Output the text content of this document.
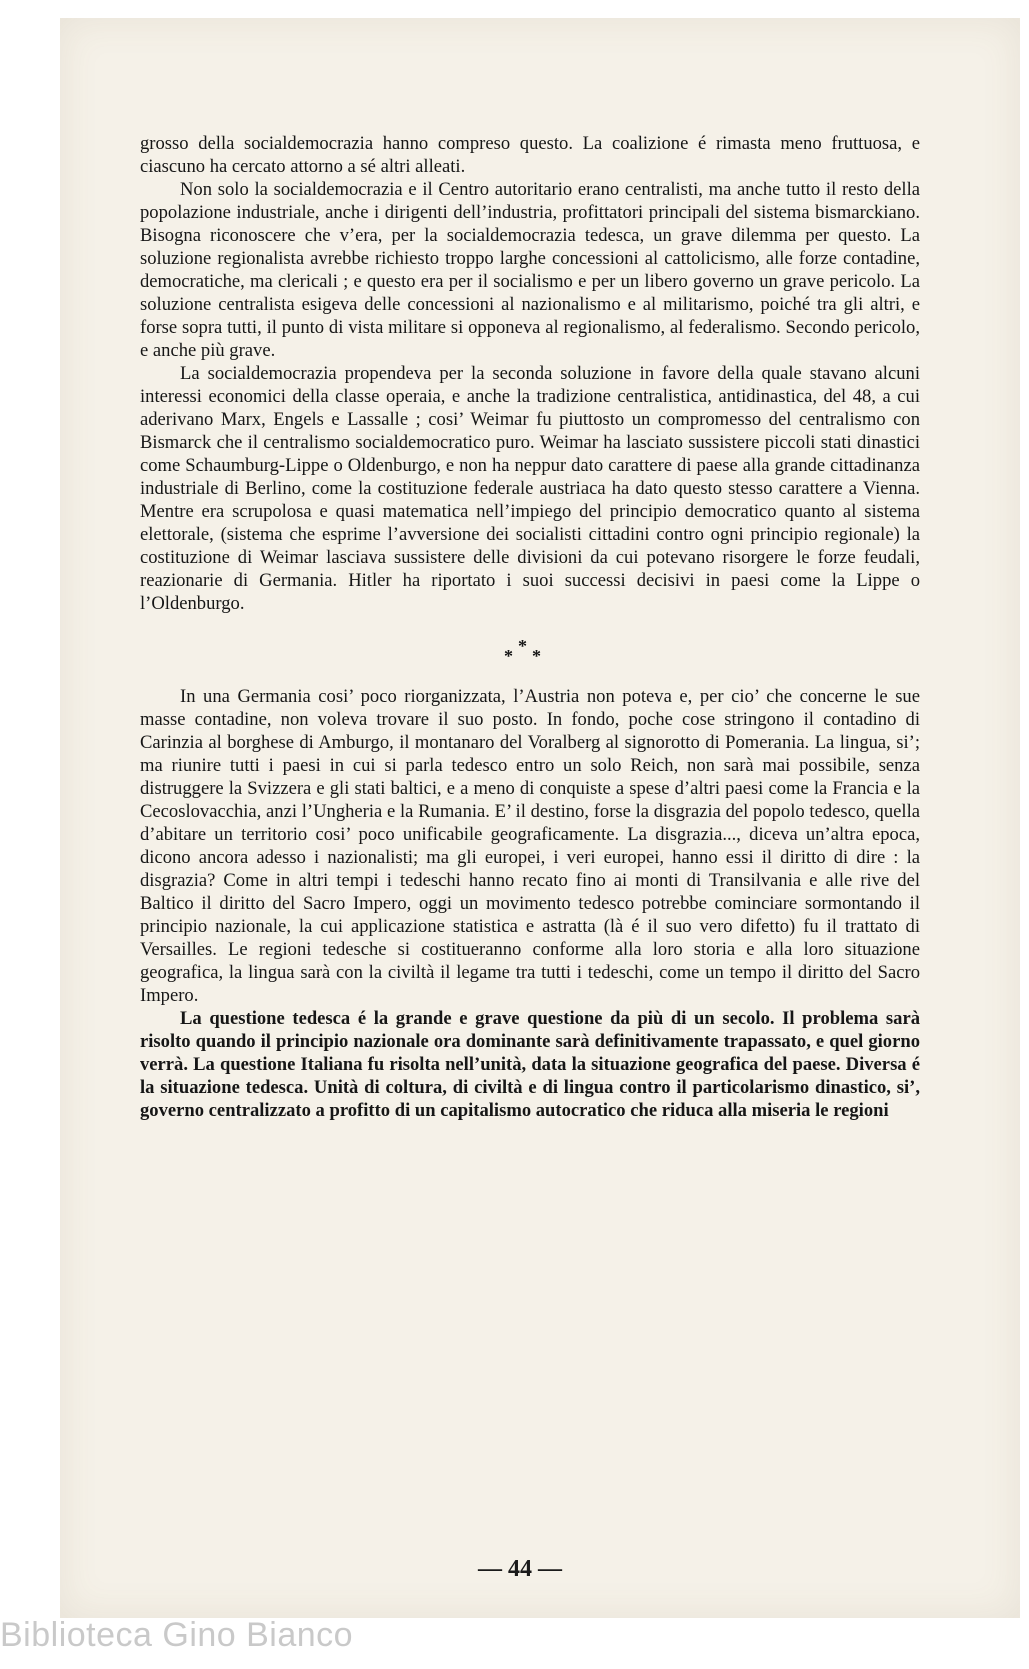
grosso della socialdemocrazia hanno compreso questo. La coalizione é rimasta meno fruttuosa, e ciascuno ha cercato attorno a sé altri alleati.

Non solo la socialdemocrazia e il Centro autoritario erano centralisti, ma anche tutto il resto della popolazione industriale, anche i dirigenti dell’industria, profittatori principali del sistema bismarckiano. Bisogna riconoscere che v’era, per la socialdemocrazia tedesca, un grave dilemma per questo. La soluzione regionalista avrebbe richiesto troppo larghe concessioni al cattolicismo, alle forze contadine, democratiche, ma clericali ; e questo era per il socialismo e per un libero governo un grave pericolo. La soluzione centralista esigeva delle concessioni al nazionalismo e al militarismo, poiché tra gli altri, e forse sopra tutti, il punto di vista militare si opponeva al regionalismo, al federalismo. Secondo pericolo, e anche più grave.

La socialdemocrazia propendeva per la seconda soluzione in favore della quale stavano alcuni interessi economici della classe operaia, e anche la tradizione centralistica, antidinastica, del 48, a cui aderivano Marx, Engels e Lassalle ; cosi’ Weimar fu piuttosto un compromesso del centralismo con Bismarck che il centralismo socialdemocratico puro. Weimar ha lasciato sussistere piccoli stati dinastici come Schaumburg-Lippe o Oldenburgo, e non ha neppur dato carattere di paese alla grande cittadinanza industriale di Berlino, come la costituzione federale austriaca ha dato questo stesso carattere a Vienna. Mentre era scrupolosa e quasi matematica nell’impiego del principio democratico quanto al sistema elettorale, (sistema che esprime l’avversione dei socialisti cittadini contro ogni principio regionale) la costituzione di Weimar lasciava sussistere delle divisioni da cui potevano risorgere le forze feudali, reazionarie di Germania. Hitler ha riportato i suoi successi decisivi in paesi come la Lippe o l’Oldenburgo.

*
* *

In una Germania cosi’ poco riorganizzata, l’Austria non poteva e, per cio’ che concerne le sue masse contadine, non voleva trovare il suo posto. In fondo, poche cose stringono il contadino di Carinzia al borghese di Amburgo, il montanaro del Voralberg al signorotto di Pomerania. La lingua, si’; ma riunire tutti i paesi in cui si parla tedesco entro un solo Reich, non sarà mai possibile, senza distruggere la Svizzera e gli stati baltici, e a meno di conquiste a spese d’altri paesi come la Francia e la Cecoslovacchia, anzi l’Ungheria e la Rumania. E’ il destino, forse la disgrazia del popolo tedesco, quella d’abitare un territorio cosi’ poco unificabile geograficamente. La disgrazia..., diceva un’altra epoca, dicono ancora adesso i nazionalisti; ma gli europei, i veri europei, hanno essi il diritto di dire : la disgrazia? Come in altri tempi i tedeschi hanno recato fino ai monti di Transilvania e alle rive del Baltico il diritto del Sacro Impero, oggi un movimento tedesco potrebbe cominciare sormontando il principio nazionale, la cui applicazione statistica e astratta (là é il suo vero difetto) fu il trattato di Versailles. Le regioni tedesche si costitueranno conforme alla loro storia e alla loro situazione geografica, la lingua sarà con la civiltà il legame tra tutti i tedeschi, come un tempo il diritto del Sacro Impero.

La questione tedesca é la grande e grave questione da più di un secolo. Il problema sarà risolto quando il principio nazionale ora dominante sarà definitivamente trapassato, e quel giorno verrà. La questione Italiana fu risolta nell’unità, data la situazione geografica del paese. Diversa é la situazione tedesca. Unità di coltura, di civiltà e di lingua contro il particolarismo dinastico, si’, governo centralizzato a profitto di un capitalismo autocratico che riduca alla miseria le regioni

— 44 —
Biblioteca Gino Bianco
